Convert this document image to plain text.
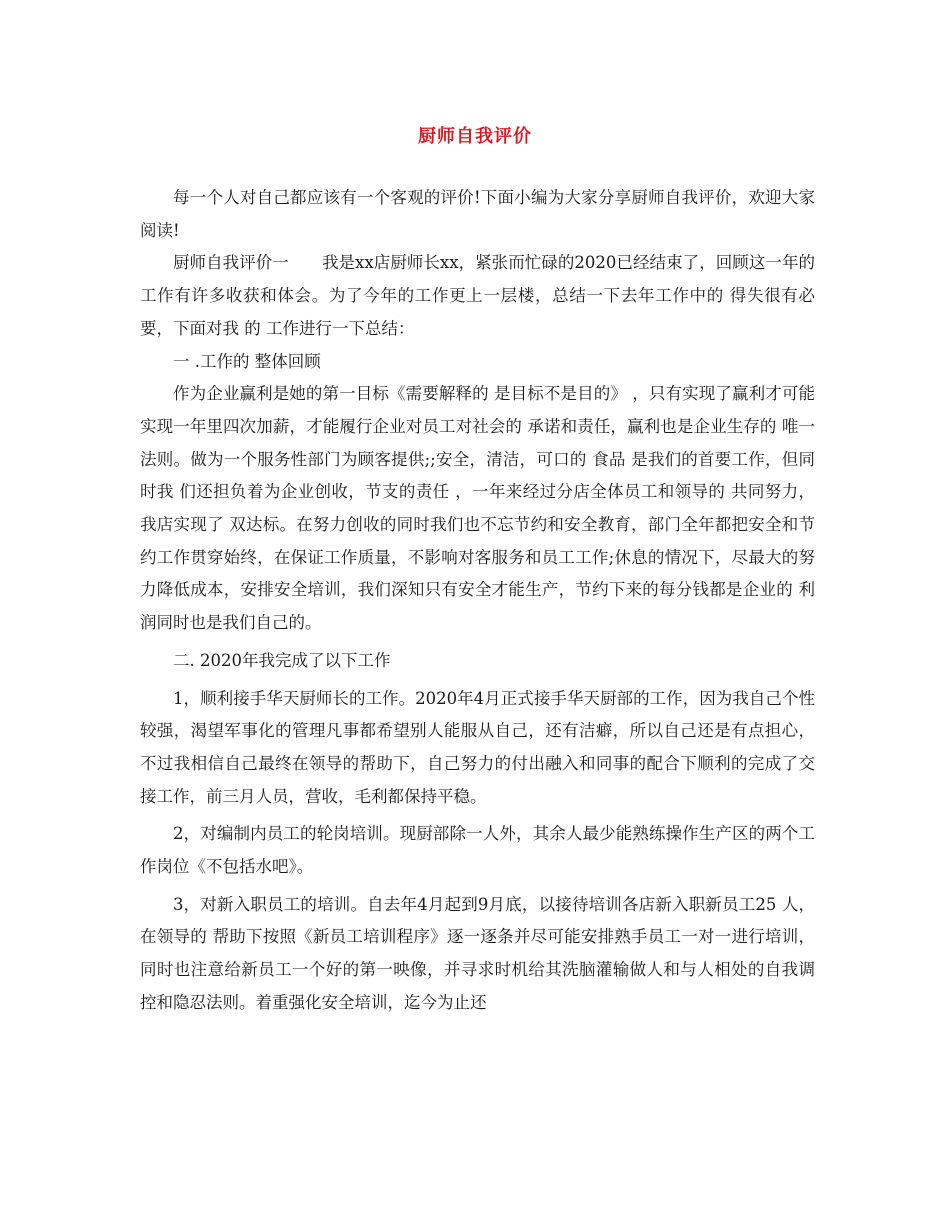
厨师自我评价

每一个人对自己都应该有一个客观的评价!下面小编为大家分享厨师自我评价，欢迎大家阅读!

厨师自我评价一　　我是xx店厨师长xx，紧张而忙碌的2020已经结束了，回顾这一年的 工作有许多收获和体会。为了今年的工作更上一层楼，总结一下去年工作中的 得失很有必要，下面对我 的 工作进行一下总结：

一 .工作的 整体回顾

作为企业赢利是她的第一目标《需要解释的 是目标不是目的》 ，只有实现了赢利才可能实现一年里四次加薪，才能履行企业对员工对社会的 承诺和责任，赢利也是企业生存的 唯一法则。做为一个服务性部门为顾客提供;;安全，清洁，可口的 食品 是我们的首要工作，但同时我 们还担负着为企业创收，节支的责任 ，一年来经过分店全体员工和领导的 共同努力，我店实现了 双达标。在努力创收的同时我们也不忘节约和安全教育，部门全年都把安全和节约工作贯穿始终，在保证工作质量，不影响对客服务和员工工作;休息的情况下，尽最大的努力降低成本，安排安全培训，我们深知只有安全才能生产，节约下来的每分钱都是企业的 利润同时也是我们自己的。

二. 2020年我完成了以下工作

1，顺利接手华天厨师长的工作。2020年4月正式接手华天厨部的工作，因为我自己个性较强，渴望军事化的管理凡事都希望别人能服从自己，还有洁癖，所以自己还是有点担心，不过我相信自己最终在领导的帮助下，自己努力的付出融入和同事的配合下顺利的完成了交接工作，前三月人员，营收，毛利都保持平稳。

2，对编制内员工的轮岗培训。现厨部除一人外，其余人最少能熟练操作生产区的两个工作岗位《不包括水吧》。

3，对新入职员工的培训。自去年4月起到9月底，以接待培训各店新入职新员工25 人， 在领导的 帮助下按照《新员工培训程序》逐一逐条并尽可能安排熟手员工一对一进行培训，同时也注意给新员工一个好的第一映像，并寻求时机给其洗脑灌输做人和与人相处的自我调控和隐忍法则。着重强化安全培训，迄今为止还
